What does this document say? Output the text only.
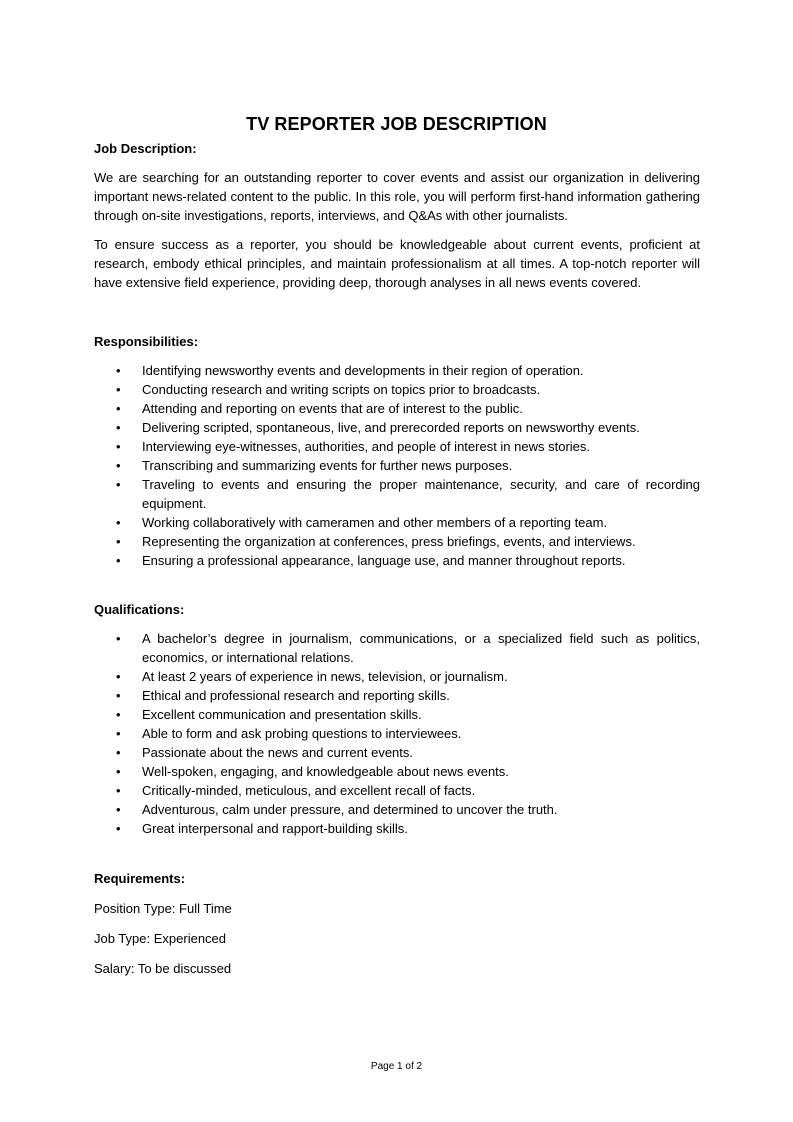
TV REPORTER JOB DESCRIPTION

Job Description:

We are searching for an outstanding reporter to cover events and assist our organization in delivering important news-related content to the public. In this role, you will perform first-hand information gathering through on-site investigations, reports, interviews, and Q&As with other journalists.

To ensure success as a reporter, you should be knowledgeable about current events, proficient at research, embody ethical principles, and maintain professionalism at all times. A top-notch reporter will have extensive field experience, providing deep, thorough analyses in all news events covered.

Responsibilities:

• Identifying newsworthy events and developments in their region of operation.
• Conducting research and writing scripts on topics prior to broadcasts.
• Attending and reporting on events that are of interest to the public.
• Delivering scripted, spontaneous, live, and prerecorded reports on newsworthy events.
• Interviewing eye-witnesses, authorities, and people of interest in news stories.
• Transcribing and summarizing events for further news purposes.
• Traveling to events and ensuring the proper maintenance, security, and care of recording equipment.
• Working collaboratively with cameramen and other members of a reporting team.
• Representing the organization at conferences, press briefings, events, and interviews.
• Ensuring a professional appearance, language use, and manner throughout reports.

Qualifications:

• A bachelor’s degree in journalism, communications, or a specialized field such as politics, economics, or international relations.
• At least 2 years of experience in news, television, or journalism.
• Ethical and professional research and reporting skills.
• Excellent communication and presentation skills.
• Able to form and ask probing questions to interviewees.
• Passionate about the news and current events.
• Well-spoken, engaging, and knowledgeable about news events.
• Critically-minded, meticulous, and excellent recall of facts.
• Adventurous, calm under pressure, and determined to uncover the truth.
• Great interpersonal and rapport-building skills.

Requirements:

Position Type: Full Time

Job Type: Experienced

Salary: To be discussed

Page 1 of 2
